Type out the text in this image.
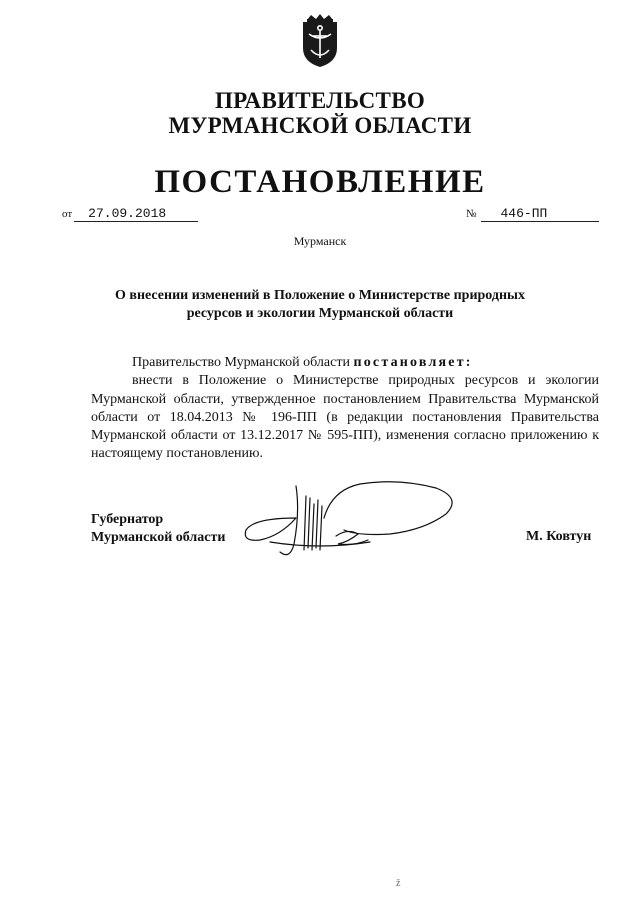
ПРАВИТЕЛЬСТВО
МУРМАНСКОЙ ОБЛАСТИ
ПОСТАНОВЛЕНИЕ
от 27.09.2018	№ 446-ПП
Мурманск
О внесении изменений в Положение о Министерстве природных
ресурсов и экологии Мурманской области

Правительство Мурманской области постановляет:

внести в Положение о Министерстве природных ресурсов и экологии Мурманской области, утвержденное постановлением Правительства Мурманской области от 18.04.2013 № 196-ПП (в редакции постановления Правительства Мурманской области от 13.12.2017 № 595-ПП), изменения согласно приложению к настоящему постановлению.

Губернатор
Мурманской области	М. Ковтун
ž
